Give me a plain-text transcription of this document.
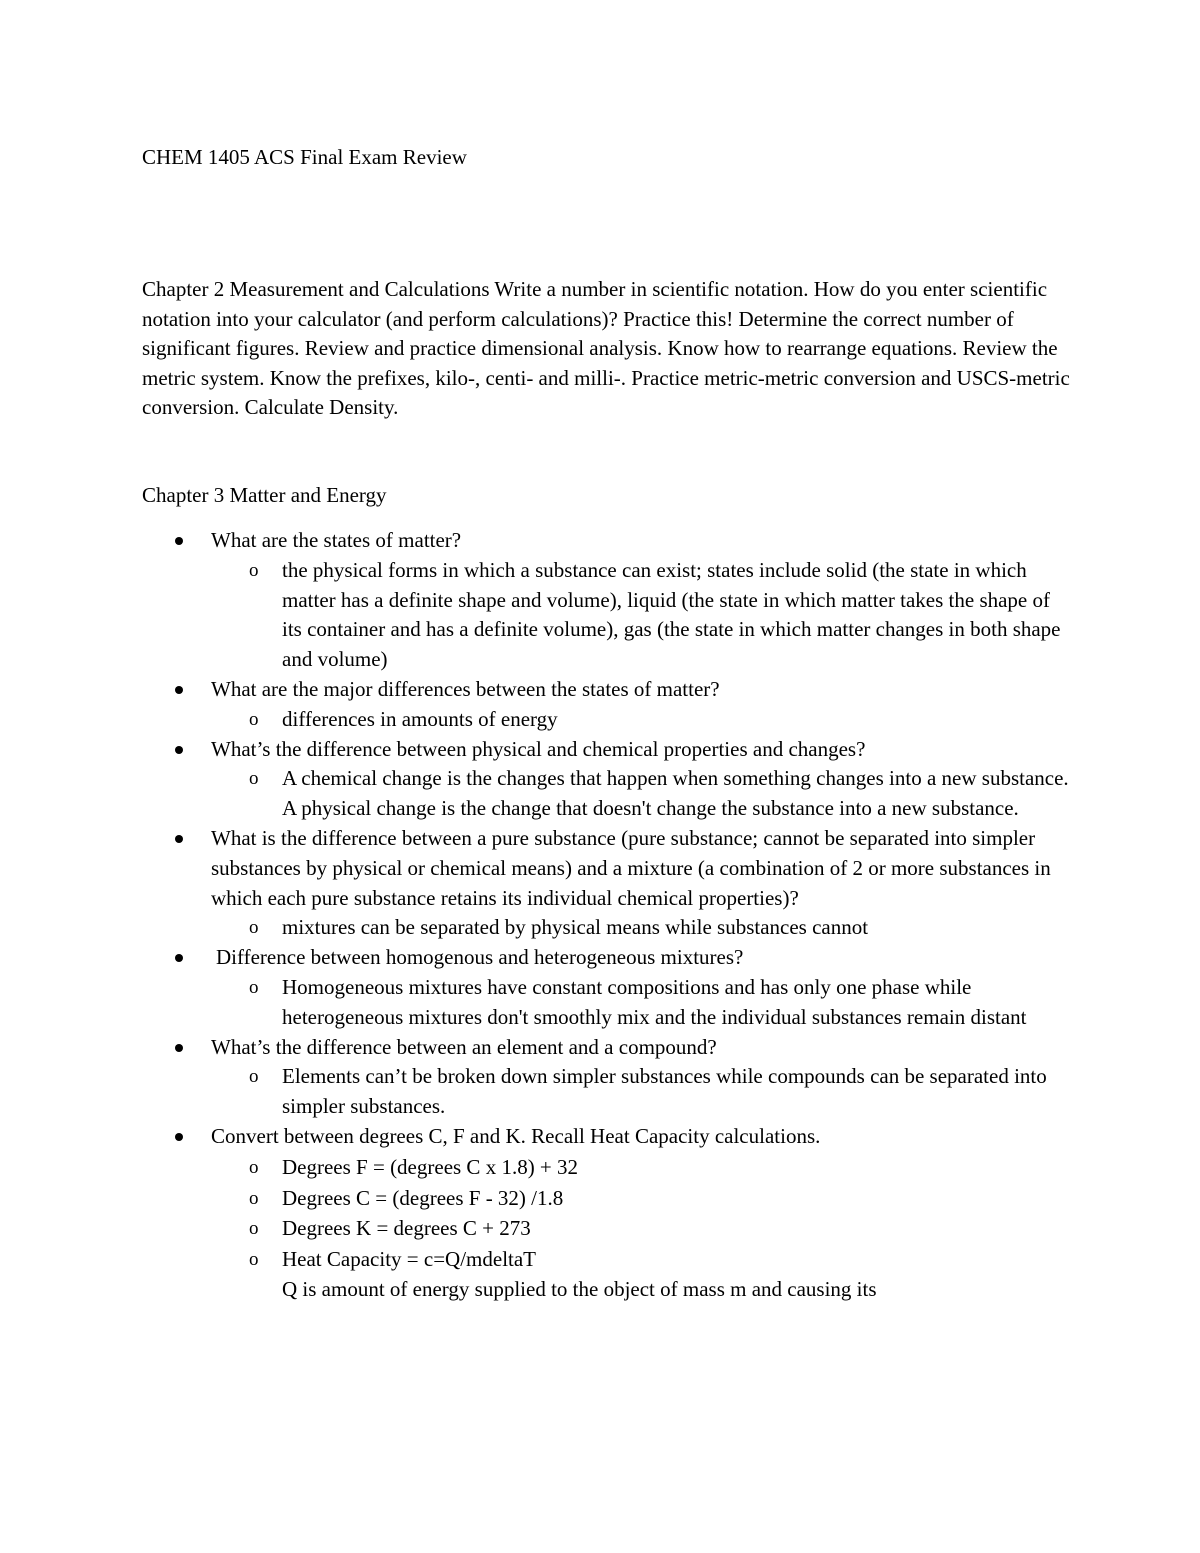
CHEM 1405 ACS Final Exam Review

Chapter 2 Measurement and Calculations Write a number in scientific notation. How do you enter scientific notation into your calculator (and perform calculations)? Practice this! Determine the correct number of significant figures. Review and practice dimensional analysis. Know how to rearrange equations. Review the metric system. Know the prefixes, kilo-, centi- and milli-. Practice metric-metric conversion and USCS-metric conversion. Calculate Density.

Chapter 3 Matter and Energy
What are the states of matter?
o the physical forms in which a substance can exist; states include solid (the state in which matter has a definite shape and volume), liquid (the state in which matter takes the shape of its container and has a definite volume), gas (the state in which matter changes in both shape and volume)
What are the major differences between the states of matter?
o differences in amounts of energy
What’s the difference between physical and chemical properties and changes?
o A chemical change is the changes that happen when something changes into a new substance. A physical change is the change that doesn't change the substance into a new substance.
What is the difference between a pure substance (pure substance; cannot be separated into simpler substances by physical or chemical means) and a mixture (a combination of 2 or more substances in which each pure substance retains its individual chemical properties)?
o mixtures can be separated by physical means while substances cannot
Difference between homogenous and heterogeneous mixtures?
o Homogeneous mixtures have constant compositions and has only one phase while heterogeneous mixtures don't smoothly mix and the individual substances remain distant
What’s the difference between an element and a compound?
o Elements can’t be broken down simpler substances while compounds can be separated into simpler substances.
Convert between degrees C, F and K. Recall Heat Capacity calculations.
o Degrees F = (degrees C x 1.8) + 32
o Degrees C = (degrees F - 32) /1.8
o Degrees K = degrees C + 273
o Heat Capacity = c=Q/mdeltaT
Q is amount of energy supplied to the object of mass m and causing its
